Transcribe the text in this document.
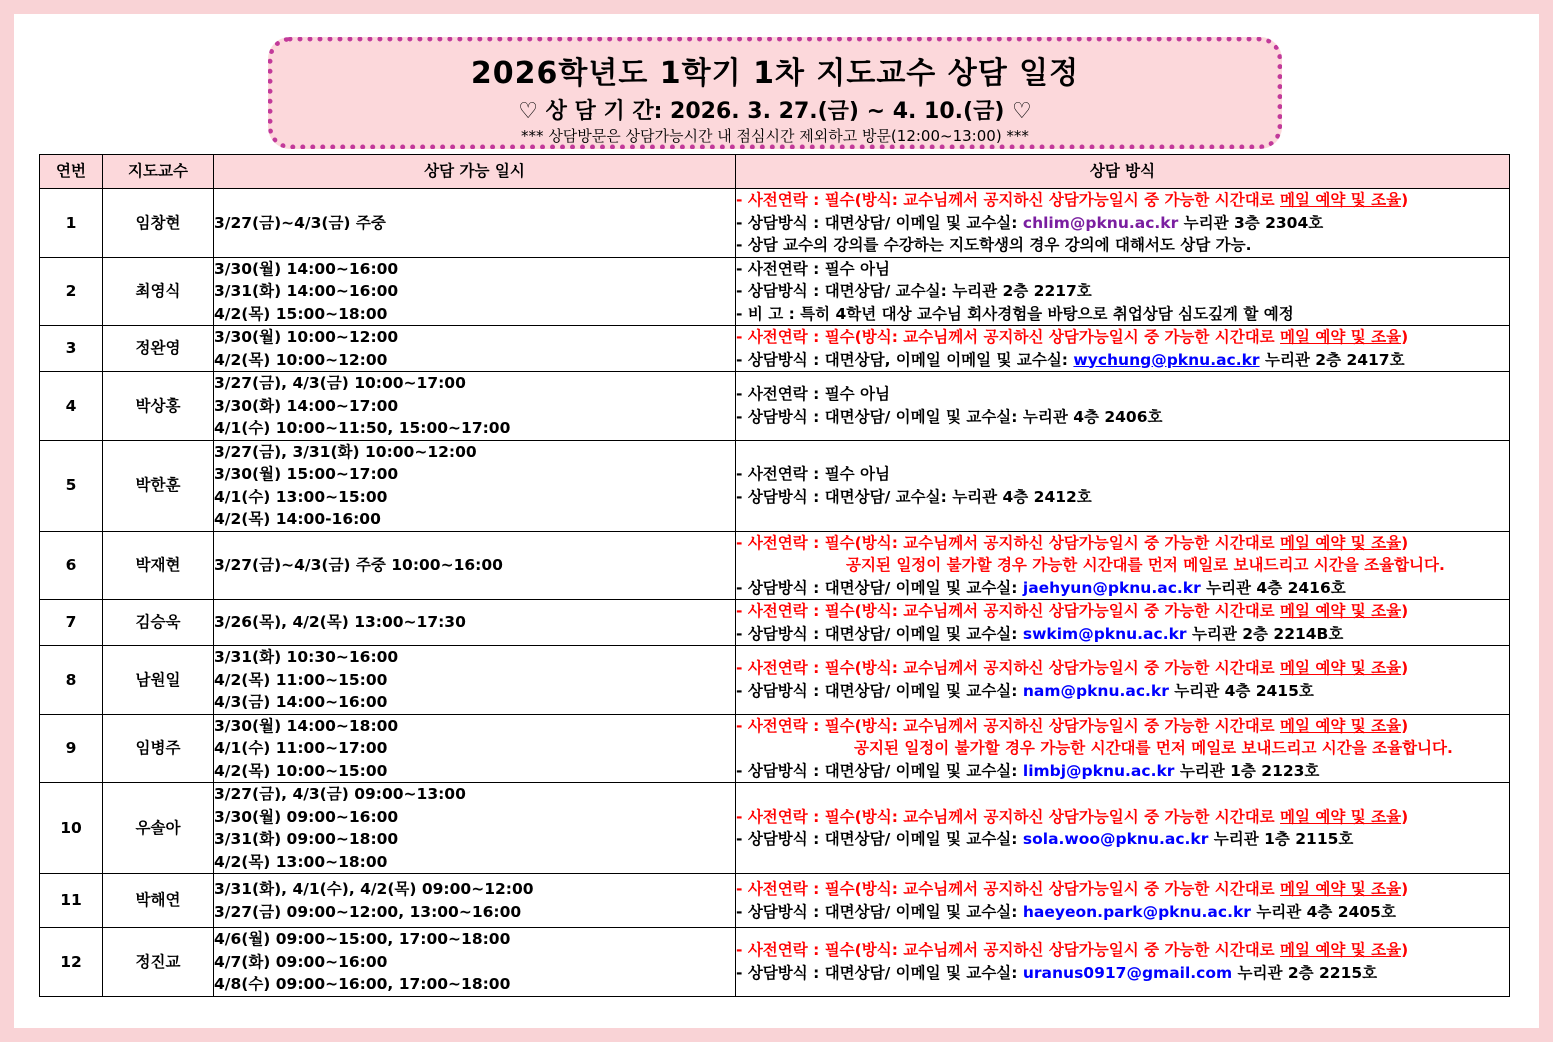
2026학년도 1학기 1차 지도교수 상담 일정
♡ 상 담 기 간: 2026. 3. 27.(금) ~ 4. 10.(금) ♡
*** 상담방문은 상담가능시간 내 점심시간 제외하고 방문(12:00~13:00) ***
연번	지도교수	상담 가능 일시	상담 방식
1	임창현	3/27(금)~4/3(금) 주중	- 사전연락 : 필수(방식: 교수님께서 공지하신 상담가능일시 중 가능한 시간대로 메일 예약 및 조율)
- 상담방식 : 대면상담/ 이메일 및 교수실: chlim@pknu.ac.kr 누리관 3층 2304호
- 상담 교수의 강의를 수강하는 지도학생의 경우 강의에 대해서도 상담 가능.

2	최영식	3/30(월) 14:00~16:00
3/31(화) 14:00~16:00
4/2(목) 15:00~18:00	- 사전연락 : 필수 아님
- 상담방식 : 대면상담/ 교수실: 누리관 2층 2217호
- 비 고 : 특히 4학년 대상 교수님 회사경험을 바탕으로 취업상담 심도깊게 할 예정

3	정완영	3/30(월) 10:00~12:00
4/2(목) 10:00~12:00	- 사전연락 : 필수(방식: 교수님께서 공지하신 상담가능일시 중 가능한 시간대로 메일 예약 및 조율)
- 상담방식 : 대면상담, 이메일 이메일 및 교수실: wychung@pknu.ac.kr 누리관 2층 2417호

4	박상홍	3/27(금), 4/3(금) 10:00~17:00
3/30(화) 14:00~17:00
4/1(수) 10:00~11:50, 15:00~17:00	- 사전연락 : 필수 아님
- 상담방식 : 대면상담/ 이메일 및 교수실: 누리관 4층 2406호

5	박한훈	3/27(금), 3/31(화) 10:00~12:00
3/30(월) 15:00~17:00
4/1(수) 13:00~15:00
4/2(목) 14:00-16:00	- 사전연락 : 필수 아님
- 상담방식 : 대면상담/ 교수실: 누리관 4층 2412호

6	박재현	3/27(금)~4/3(금) 주중 10:00~16:00	- 사전연락 : 필수(방식: 교수님께서 공지하신 상담가능일시 중 가능한 시간대로 메일 예약 및 조율)
공지된 일정이 불가할 경우 가능한 시간대를 먼저 메일로 보내드리고 시간을 조율합니다.
- 상담방식 : 대면상담/ 이메일 및 교수실: jaehyun@pknu.ac.kr 누리관 4층 2416호

7	김승욱	3/26(목), 4/2(목) 13:00~17:30	- 사전연락 : 필수(방식: 교수님께서 공지하신 상담가능일시 중 가능한 시간대로 메일 예약 및 조율)
- 상담방식 : 대면상담/ 이메일 및 교수실: swkim@pknu.ac.kr 누리관 2층 2214B호

8	남원일	3/31(화) 10:30~16:00
4/2(목) 11:00~15:00
4/3(금) 14:00~16:00	- 사전연락 : 필수(방식: 교수님께서 공지하신 상담가능일시 중 가능한 시간대로 메일 예약 및 조율)
- 상담방식 : 대면상담/ 이메일 및 교수실: nam@pknu.ac.kr 누리관 4층 2415호

9	임병주	3/30(월) 14:00~18:00
4/1(수) 11:00~17:00
4/2(목) 10:00~15:00	- 사전연락 : 필수(방식: 교수님께서 공지하신 상담가능일시 중 가능한 시간대로 메일 예약 및 조율)
공지된 일정이 불가할 경우 가능한 시간대를 먼저 메일로 보내드리고 시간을 조율합니다.
- 상담방식 : 대면상담/ 이메일 및 교수실: limbj@pknu.ac.kr 누리관 1층 2123호

10	우솔아	3/27(금), 4/3(금) 09:00~13:00
3/30(월) 09:00~16:00
3/31(화) 09:00~18:00
4/2(목) 13:00~18:00	- 사전연락 : 필수(방식: 교수님께서 공지하신 상담가능일시 중 가능한 시간대로 메일 예약 및 조율)
- 상담방식 : 대면상담/ 이메일 및 교수실: sola.woo@pknu.ac.kr 누리관 1층 2115호

11	박해연	3/31(화), 4/1(수), 4/2(목) 09:00~12:00
3/27(금) 09:00~12:00, 13:00~16:00	- 사전연락 : 필수(방식: 교수님께서 공지하신 상담가능일시 중 가능한 시간대로 메일 예약 및 조율)
- 상담방식 : 대면상담/ 이메일 및 교수실: haeyeon.park@pknu.ac.kr 누리관 4층 2405호

12	정진교	4/6(월) 09:00~15:00, 17:00~18:00
4/7(화) 09:00~16:00
4/8(수) 09:00~16:00, 17:00~18:00	- 사전연락 : 필수(방식: 교수님께서 공지하신 상담가능일시 중 가능한 시간대로 메일 예약 및 조율)
- 상담방식 : 대면상담/ 이메일 및 교수실: uranus0917@gmail.com 누리관 2층 2215호
